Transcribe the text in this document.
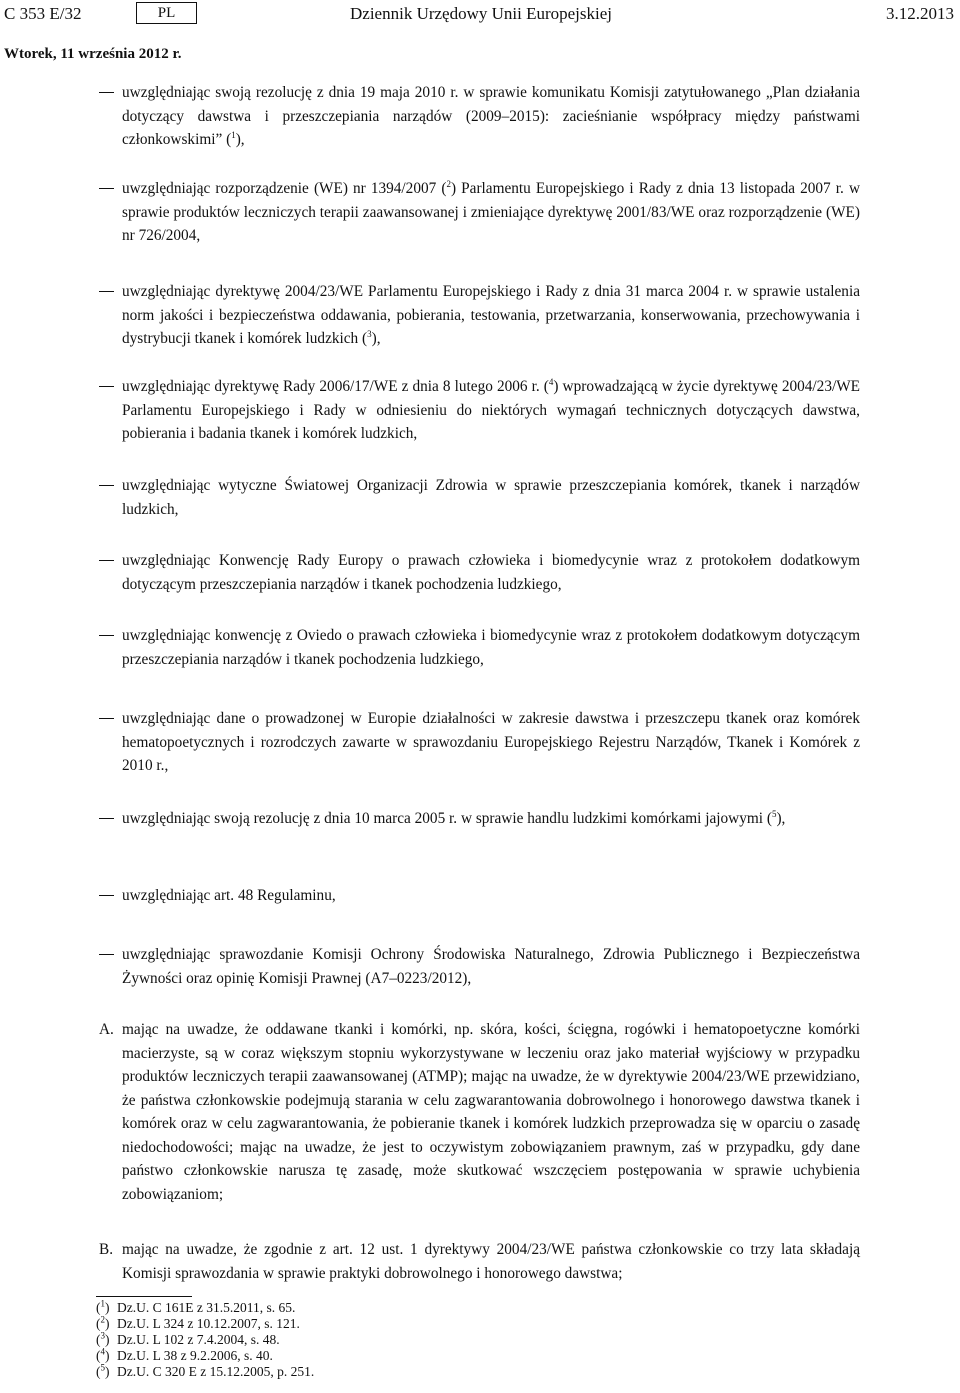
C 353 E/32	PL	Dziennik Urzędowy Unii Europejskiej	3.12.2013
Wtorek, 11 września 2012 r.
uwzględniając swoją rezolucję z dnia 19 maja 2010 r. w sprawie komunikatu Komisji zatytułowanego „Plan działania dotyczący dawstwa i przeszczepiania narządów (2009–2015): zacieśnianie współpracy między państwami członkowskimi” ($^1$),
uwzględniając rozporządzenie (WE) nr 1394/2007 ($^2$) Parlamentu Europejskiego i Rady z dnia 13 listopada 2007 r. w sprawie produktów leczniczych terapii zaawansowanej i zmieniające dyrektywę 2001/83/WE oraz rozporządzenie (WE) nr 726/2004,
uwzględniając dyrektywę 2004/23/WE Parlamentu Europejskiego i Rady z dnia 31 marca 2004 r. w sprawie ustalenia norm jakości i bezpieczeństwa oddawania, pobierania, testowania, przetwarzania, konserwowania, przechowywania i dystrybucji tkanek i komórek ludzkich ($^3$),
uwzględniając dyrektywę Rady 2006/17/WE z dnia 8 lutego 2006 r. ($^4$) wprowadzającą w życie dyrektywę 2004/23/WE Parlamentu Europejskiego i Rady w odniesieniu do niektórych wymagań technicznych dotyczących dawstwa, pobierania i badania tkanek i komórek ludzkich,
uwzględniając wytyczne Światowej Organizacji Zdrowia w sprawie przeszczepiania komórek, tkanek i narządów ludzkich,
uwzględniając Konwencję Rady Europy o prawach człowieka i biomedycynie wraz z protokołem dodatkowym dotyczącym przeszczepiania narządów i tkanek pochodzenia ludzkiego,
uwzględniając konwencję z Oviedo o prawach człowieka i biomedycynie wraz z protokołem dodatkowym dotyczącym przeszczepiania narządów i tkanek pochodzenia ludzkiego,
uwzględniając dane o prowadzonej w Europie działalności w zakresie dawstwa i przeszczepu tkanek oraz komórek hematopoetycznych i rozrodczych zawarte w sprawozdaniu Europejskiego Rejestru Narządów, Tkanek i Komórek z 2010 r.,
uwzględniając swoją rezolucję z dnia 10 marca 2005 r. w sprawie handlu ludzkimi komórkami jajowymi ($^5$),
uwzględniając art. 48 Regulaminu,
uwzględniając sprawozdanie Komisji Ochrony Środowiska Naturalnego, Zdrowia Publicznego i Bezpieczeństwa Żywności oraz opinię Komisji Prawnej (A7–0223/2012),
A. mając na uwadze, że oddawane tkanki i komórki, np. skóra, kości, ścięgna, rogówki i hematopoetyczne komórki macierzyste, są w coraz większym stopniu wykorzystywane w leczeniu oraz jako materiał wyjściowy w przypadku produktów leczniczych terapii zaawansowanej (ATMP); mając na uwadze, że w dyrektywie 2004/23/WE przewidziano, że państwa członkowskie podejmują starania w celu zagwarantowania dobrowolnego i honorowego dawstwa tkanek i komórek oraz w celu zagwarantowania, że pobieranie tkanek i komórek ludzkich przeprowadza się w oparciu o zasadę niedochodowości; mając na uwadze, że jest to oczywistym zobowiązaniem prawnym, zaś w przypadku, gdy dane państwo członkowskie narusza tę zasadę, może skutkować wszczęciem postępowania w sprawie uchybienia zobowiązaniom;
B. mając na uwadze, że zgodnie z art. 12 ust. 1 dyrektywy 2004/23/WE państwa członkowskie co trzy lata składają Komisji sprawozdania w sprawie praktyki dobrowolnego i honorowego dawstwa;
($^1$) Dz.U. C 161E z 31.5.2011, s. 65.
($^2$) Dz.U. L 324 z 10.12.2007, s. 121.
($^3$) Dz.U. L 102 z 7.4.2004, s. 48.
($^4$) Dz.U. L 38 z 9.2.2006, s. 40.
($^5$) Dz.U. C 320 E z 15.12.2005, p. 251.
